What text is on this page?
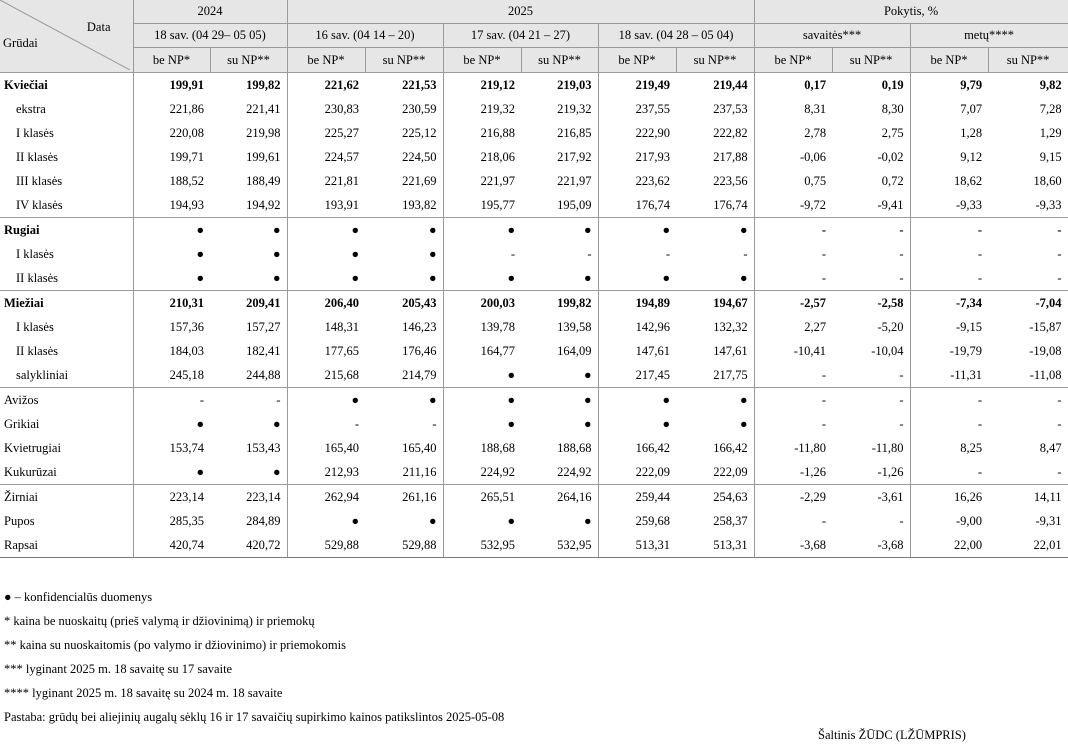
Data
Grūdai	2024		2025						Pokytis, %			
	18 sav. (04 29– 05 05)		16 sav. (04 14 – 20)		17 sav. (04 21 – 27)		18 sav. (04 28 – 05 04)		savaitės***		metų****	
	be NP*	su NP**	be NP*	su NP**	be NP*	su NP**	be NP*	su NP**	be NP*	su NP**	be NP*	su NP**
Kviečiai	199,91	199,82	221,62	221,53	219,12	219,03	219,49	219,44	0,17	0,19	9,79	9,82
ekstra	221,86	221,41	230,83	230,59	219,32	219,32	237,55	237,53	8,31	8,30	7,07	7,28
I klasės	220,08	219,98	225,27	225,12	216,88	216,85	222,90	222,82	2,78	2,75	1,28	1,29
II klasės	199,71	199,61	224,57	224,50	218,06	217,92	217,93	217,88	-0,06	-0,02	9,12	9,15
III klasės	188,52	188,49	221,81	221,69	221,97	221,97	223,62	223,56	0,75	0,72	18,62	18,60
IV klasės	194,93	194,92	193,91	193,82	195,77	195,09	176,74	176,74	-9,72	-9,41	-9,33	-9,33
Rugiai	●	●	●	●	●	●	●	●	-	-	-	-
I klasės	●	●	●	●	-	-	-	-	-	-	-	-
II klasės	●	●	●	●	●	●	●	●	-	-	-	-
Miežiai	210,31	209,41	206,40	205,43	200,03	199,82	194,89	194,67	-2,57	-2,58	-7,34	-7,04
I klasės	157,36	157,27	148,31	146,23	139,78	139,58	142,96	132,32	2,27	-5,20	-9,15	-15,87
II klasės	184,03	182,41	177,65	176,46	164,77	164,09	147,61	147,61	-10,41	-10,04	-19,79	-19,08
salykliniai	245,18	244,88	215,68	214,79	●	●	217,45	217,75	-	-	-11,31	-11,08
Avižos	-	-	●	●	●	●	●	●	-	-	-	-
Grikiai	●	●	-	-	●	●	●	●	-	-	-	-
Kvietrugiai	153,74	153,43	165,40	165,40	188,68	188,68	166,42	166,42	-11,80	-11,80	8,25	8,47
Kukurūzai	●	●	212,93	211,16	224,92	224,92	222,09	222,09	-1,26	-1,26	-	-
Žirniai	223,14	223,14	262,94	261,16	265,51	264,16	259,44	254,63	-2,29	-3,61	16,26	14,11
Pupos	285,35	284,89	●	●	●	●	259,68	258,37	-	-	-9,00	-9,31
Rapsai	420,74	420,72	529,88	529,88	532,95	532,95	513,31	513,31	-3,68	-3,68	22,00	22,01
● – konfidencialūs duomenys
* kaina be nuoskaitų (prieš valymą ir džiovinimą) ir priemokų
** kaina su nuoskaitomis (po valymo ir džiovinimo) ir priemokomis
*** lyginant 2025 m. 18 savaitę su 17 savaite
**** lyginant 2025 m. 18 savaitę su 2024 m. 18 savaite
Pastaba: grūdų bei aliejinių augalų sėklų 16 ir 17 savaičių supirkimo kainos patikslintos 2025-05-08
Šaltinis ŽŪDC (LŽŪMPRIS)
